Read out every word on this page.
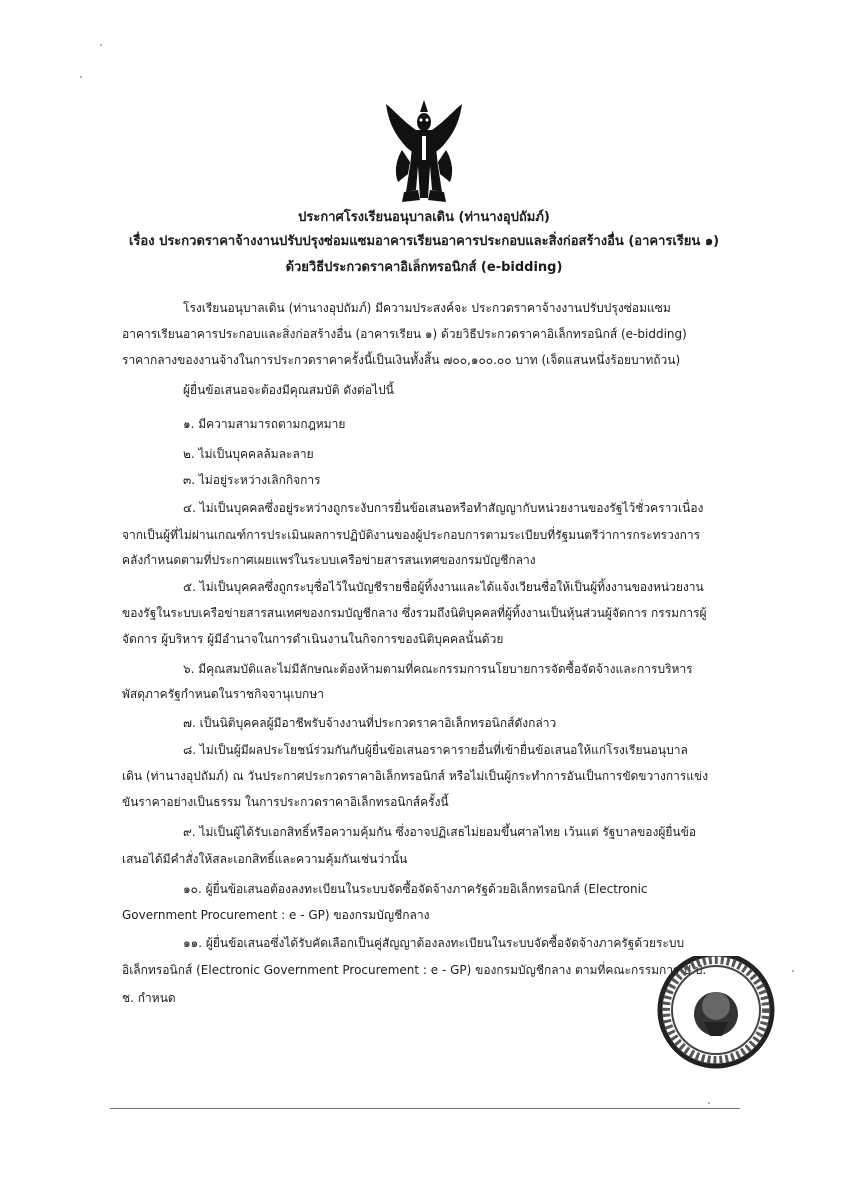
ประกาศโรงเรียนอนุบาลเดิน (ท่านางอุปถัมภ์)
เรื่อง ประกวดราคาจ้างงานปรับปรุงซ่อมแซมอาคารเรียนอาคารประกอบและสิ่งก่อสร้างอื่น (อาคารเรียน ๑)
ด้วยวิธีประกวดราคาอิเล็กทรอนิกส์ (e-bidding)
โรงเรียนอนุบาลเดิน (ท่านางอุปถัมภ์) มีความประสงค์จะ ประกวดราคาจ้างงานปรับปรุงซ่อมแซม
อาคารเรียนอาคารประกอบและสิ่งก่อสร้างอื่น (อาคารเรียน ๑) ด้วยวิธีประกวดราคาอิเล็กทรอนิกส์ (e-bidding)
ราคากลางของงานจ้างในการประกวดราคาครั้งนี้เป็นเงินทั้งสิ้น ๗๐๐,๑๐๐.๐๐ บาท (เจ็ดแสนหนึ่งร้อยบาทถ้วน)
ผู้ยื่นข้อเสนอจะต้องมีคุณสมบัติ ดังต่อไปนี้
๑. มีความสามารถตามกฎหมาย
๒. ไม่เป็นบุคคลล้มละลาย
๓. ไม่อยู่ระหว่างเลิกกิจการ
๔. ไม่เป็นบุคคลซึ่งอยู่ระหว่างถูกระงับการยื่นข้อเสนอหรือทำสัญญากับหน่วยงานของรัฐไว้ชั่วคราวเนื่อง
จากเป็นผู้ที่ไม่ผ่านเกณฑ์การประเมินผลการปฏิบัติงานของผู้ประกอบการตามระเบียบที่รัฐมนตรีว่าการกระทรวงการ
คลังกำหนดตามที่ประกาศเผยแพร่ในระบบเครือข่ายสารสนเทศของกรมบัญชีกลาง
๕. ไม่เป็นบุคคลซึ่งถูกระบุชื่อไว้ในบัญชีรายชื่อผู้ทิ้งงานและได้แจ้งเวียนชื่อให้เป็นผู้ทิ้งงานของหน่วยงาน
ของรัฐในระบบเครือข่ายสารสนเทศของกรมบัญชีกลาง ซึ่งรวมถึงนิติบุคคลที่ผู้ทิ้งงานเป็นหุ้นส่วนผู้จัดการ กรรมการผู้
จัดการ ผู้บริหาร ผู้มีอำนาจในการดำเนินงานในกิจการของนิติบุคคลนั้นด้วย
๖. มีคุณสมบัติและไม่มีลักษณะต้องห้ามตามที่คณะกรรมการนโยบายการจัดซื้อจัดจ้างและการบริหาร
พัสดุภาครัฐกำหนดในราชกิจจานุเบกษา
๗. เป็นนิติบุคคลผู้มีอาชีพรับจ้างงานที่ประกวดราคาอิเล็กทรอนิกส์ดังกล่าว
๘. ไม่เป็นผู้มีผลประโยชน์ร่วมกันกับผู้ยื่นข้อเสนอราคารายอื่นที่เข้ายื่นข้อเสนอให้แก่โรงเรียนอนุบาล
เดิน (ท่านางอุปถัมภ์) ณ วันประกาศประกวดราคาอิเล็กทรอนิกส์ หรือไม่เป็นผู้กระทำการอันเป็นการขัดขวางการแข่ง
ขันราคาอย่างเป็นธรรม ในการประกวดราคาอิเล็กทรอนิกส์ครั้งนี้
๙. ไม่เป็นผู้ได้รับเอกสิทธิ์หรือความคุ้มกัน ซึ่งอาจปฏิเสธไม่ยอมขึ้นศาลไทย เว้นแต่ รัฐบาลของผู้ยื่นข้อ
เสนอได้มีคำสั่งให้สละเอกสิทธิ์และความคุ้มกันเช่นว่านั้น
๑๐. ผู้ยื่นข้อเสนอต้องลงทะเบียนในระบบจัดซื้อจัดจ้างภาครัฐด้วยอิเล็กทรอนิกส์ (Electronic
Government Procurement : e - GP) ของกรมบัญชีกลาง
๑๑. ผู้ยื่นข้อเสนอซึ่งได้รับคัดเลือกเป็นคู่สัญญาต้องลงทะเบียนในระบบจัดซื้อจัดจ้างภาครัฐด้วยระบบ
อิเล็กทรอนิกส์ (Electronic Government Procurement : e - GP) ของกรมบัญชีกลาง ตามที่คณะกรรมการ ป.ป.
ช. กำหนด
